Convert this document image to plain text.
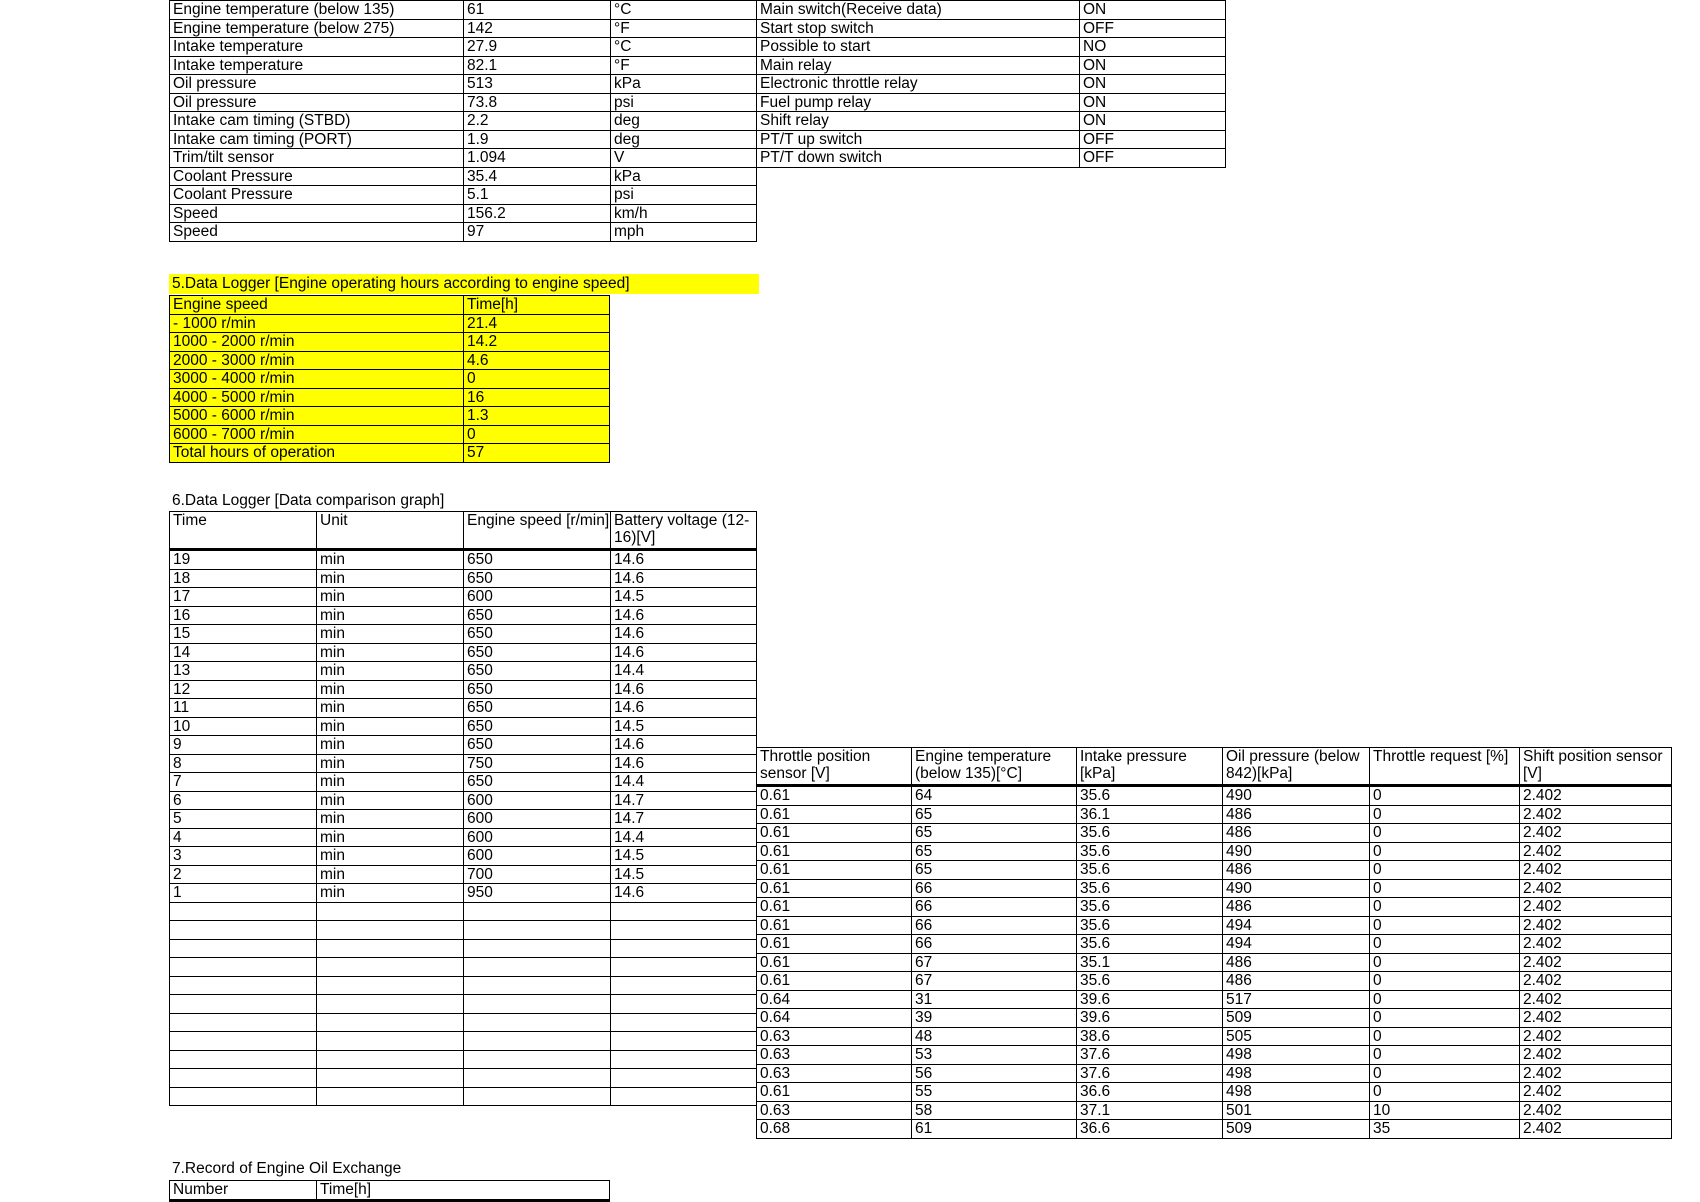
Engine temperature (below 135)	61	°C
Engine temperature (below 275)	142	°F
Intake temperature	27.9	°C
Intake temperature	82.1	°F
Oil pressure	513	kPa
Oil pressure	73.8	psi
Intake cam timing (STBD)	2.2	deg
Intake cam timing (PORT)	1.9	deg
Trim/tilt sensor	1.094	V
Coolant Pressure	35.4	kPa
Coolant Pressure	5.1	psi
Speed	156.2	km/h
Speed	97	mph
Main switch(Receive data)	ON
Start stop switch	OFF
Possible to start	NO
Main relay	ON
Electronic throttle relay	ON
Fuel pump relay	ON
Shift relay	ON
PT/T up switch	OFF
PT/T down switch	OFF
5.Data Logger [Engine operating hours according to engine speed]
Engine speed	Time[h]
- 1000 r/min	21.4
1000 - 2000 r/min	14.2
2000 - 3000 r/min	4.6
3000 - 4000 r/min	0
4000 - 5000 r/min	16
5000 - 6000 r/min	1.3
6000 - 7000 r/min	0
Total hours of operation	57
6.Data Logger [Data comparison graph]
Time	Unit	Engine speed [r/min]	Battery voltage (12-16)[V]
19	min	650	14.6
18	min	650	14.6
17	min	600	14.5
16	min	650	14.6
15	min	650	14.6
14	min	650	14.6
13	min	650	14.4
12	min	650	14.6
11	min	650	14.6
10	min	650	14.5
9	min	650	14.6
8	min	750	14.6
7	min	650	14.4
6	min	600	14.7
5	min	600	14.7
4	min	600	14.4
3	min	600	14.5
2	min	700	14.5
1	min	950	14.6

Throttle position sensor [V]	Engine temperature (below 135)[°C]	Intake pressure [kPa]	Oil pressure (below 842)[kPa]	Throttle request [%]	Shift position sensor [V]
0.61	64	35.6	490	0	2.402
0.61	65	36.1	486	0	2.402
0.61	65	35.6	486	0	2.402
0.61	65	35.6	490	0	2.402
0.61	65	35.6	486	0	2.402
0.61	66	35.6	490	0	2.402
0.61	66	35.6	486	0	2.402
0.61	66	35.6	494	0	2.402
0.61	66	35.6	494	0	2.402
0.61	67	35.1	486	0	2.402
0.61	67	35.6	486	0	2.402
0.64	31	39.6	517	0	2.402
0.64	39	39.6	509	0	2.402
0.63	48	38.6	505	0	2.402
0.63	53	37.6	498	0	2.402
0.63	56	37.6	498	0	2.402
0.61	55	36.6	498	0	2.402
0.63	58	37.1	501	10	2.402
0.68	61	36.6	509	35	2.402
7.Record of Engine Oil Exchange
Number	Time[h]
